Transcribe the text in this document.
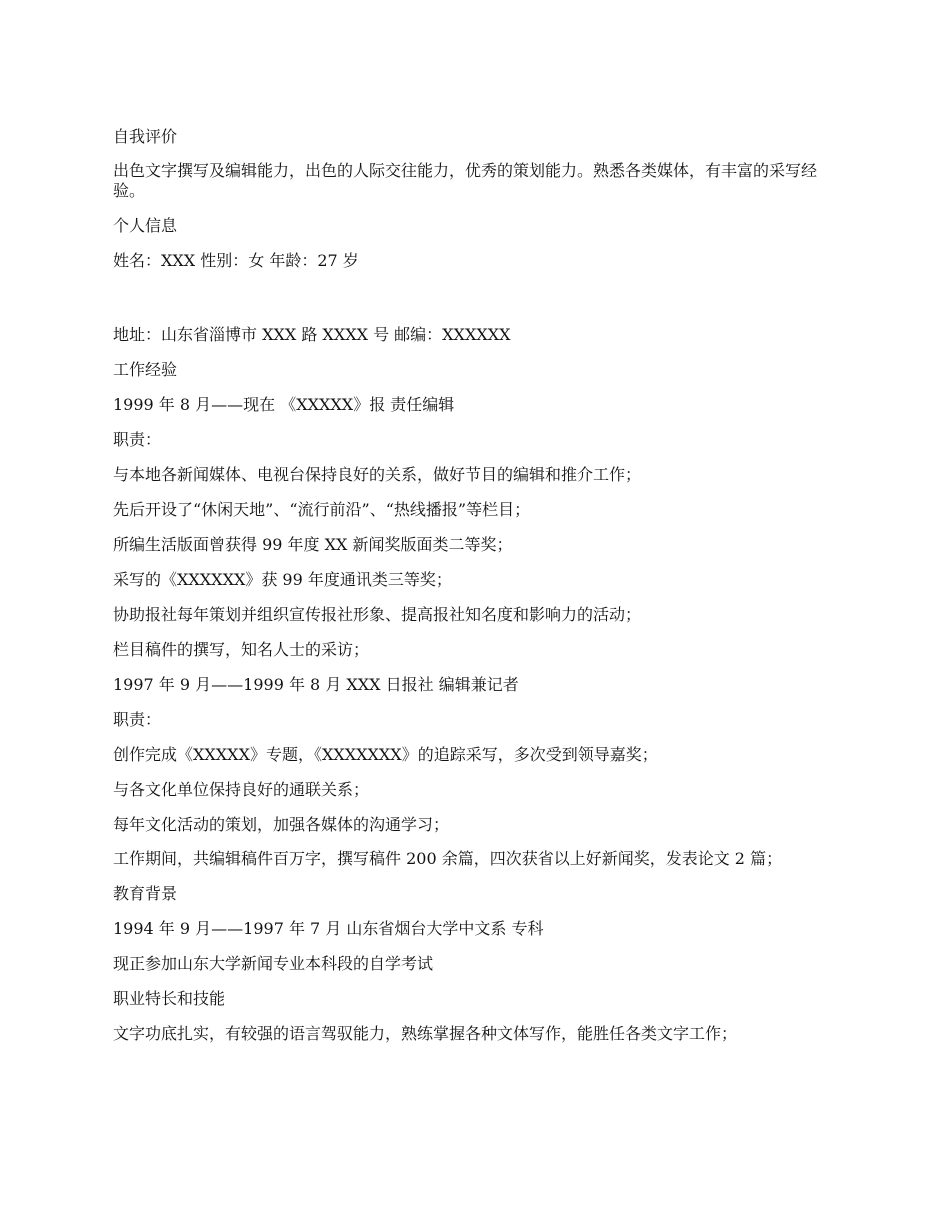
自我评价

出色文字撰写及编辑能力，出色的人际交往能力，优秀的策划能力。熟悉各类媒体，有丰富的采写经验。

个人信息

姓名：XXX 性别：女 年龄：27 岁

地址：山东省淄博市 XXX 路 XXXX 号 邮编：XXXXXX

工作经验

1999 年 8 月——现在 《XXXXX》报 责任编辑

职责：

与本地各新闻媒体、电视台保持良好的关系，做好节目的编辑和推介工作；

先后开设了“休闲天地”、“流行前沿”、“热线播报”等栏目；

所编生活版面曾获得 99 年度 XX 新闻奖版面类二等奖；

采写的《XXXXXX》获 99 年度通讯类三等奖；

协助报社每年策划并组织宣传报社形象、提高报社知名度和影响力的活动；

栏目稿件的撰写，知名人士的采访；

1997 年 9 月——1999 年 8 月 XXX 日报社 编辑兼记者

职责：

创作完成《XXXXX》专题，《XXXXXXX》的追踪采写，多次受到领导嘉奖；

与各文化单位保持良好的通联关系；

每年文化活动的策划，加强各媒体的沟通学习；

工作期间，共编辑稿件百万字，撰写稿件 200 余篇，四次获省以上好新闻奖，发表论文 2 篇；

教育背景

1994 年 9 月——1997 年 7 月 山东省烟台大学中文系 专科

现正参加山东大学新闻专业本科段的自学考试

职业特长和技能

文字功底扎实，有较强的语言驾驭能力，熟练掌握各种文体写作，能胜任各类文字工作；
